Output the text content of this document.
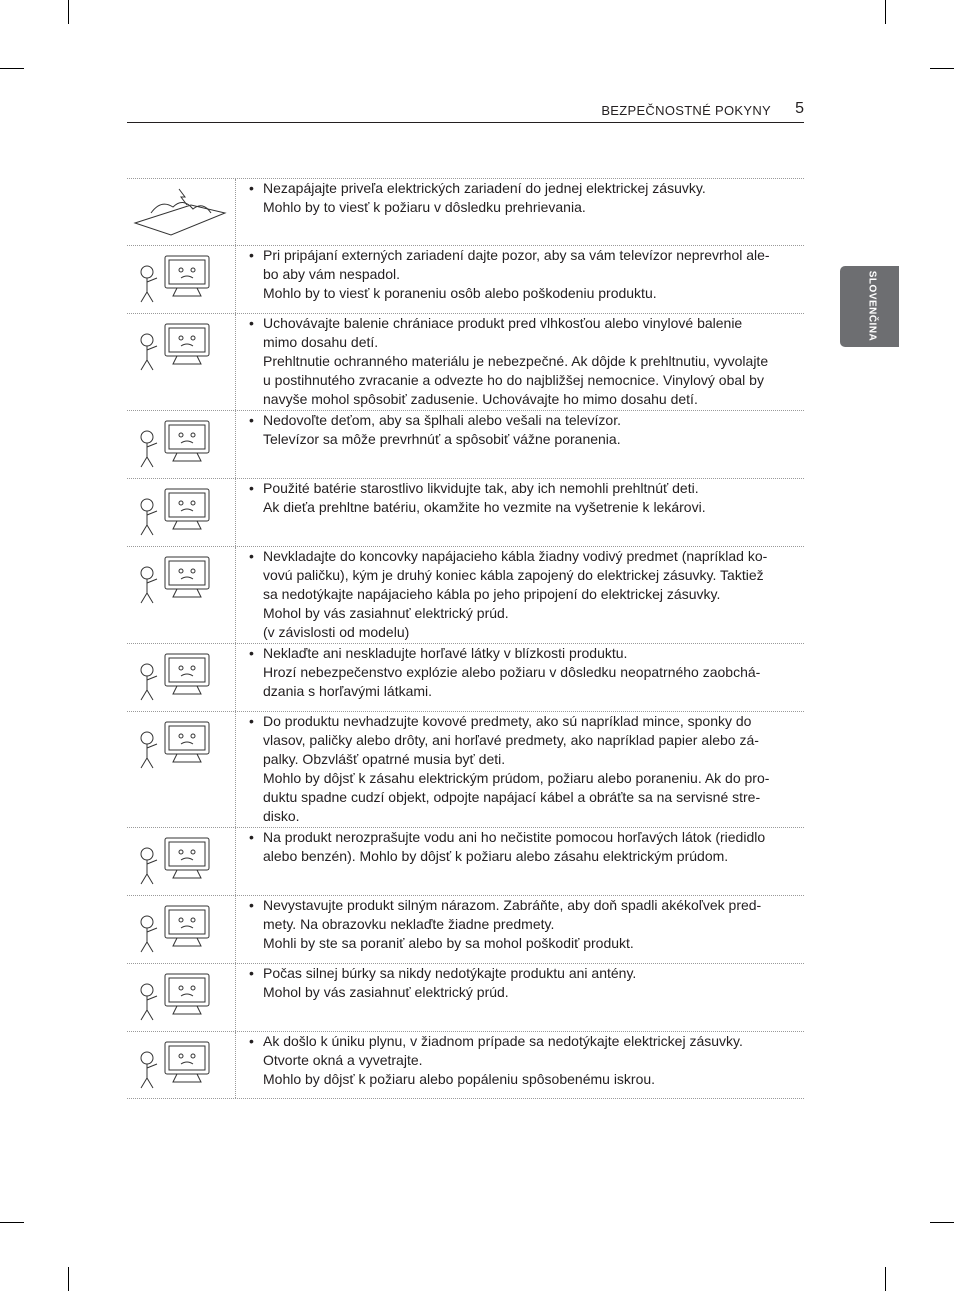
BEZPEČNOSTNÉ POKYNY 5
SLOVENČINA
• Nezapájajte priveľa elektrických zariadení do jednej elektrickej zásuvky.

Mohlo by to viesť k požiaru v dôsledku prehrievania.

• Pri pripájaní externých zariadení dajte pozor, aby sa vám televízor neprevrhol ale-

bo aby vám nespadol.

Mohlo by to viesť k poraneniu osôb alebo poškodeniu produktu.

• Uchovávajte balenie chrániace produkt pred vlhkosťou alebo vinylové balenie

mimo dosahu detí.

Prehltnutie ochranného materiálu je nebezpečné. Ak dôjde k prehltnutiu, vyvolajte

u postihnutého zvracanie a odvezte ho do najbližšej nemocnice. Vinylový obal by

navyše mohol spôsobiť zadusenie. Uchovávajte ho mimo dosahu detí.

• Nedovoľte deťom, aby sa šplhali alebo vešali na televízor.

Televízor sa môže prevrhnúť a spôsobiť vážne poranenia.

• Použité batérie starostlivo likvidujte tak, aby ich nemohli prehltnúť deti.

Ak dieťa prehltne batériu, okamžite ho vezmite na vyšetrenie k lekárovi.

• Nevkladajte do koncovky napájacieho kábla žiadny vodivý predmet (napríklad ko-

vovú paličku), kým je druhý koniec kábla zapojený do elektrickej zásuvky. Taktiež

sa nedotýkajte napájacieho kábla po jeho pripojení do elektrickej zásuvky.

Mohol by vás zasiahnuť elektrický prúd.

(v závislosti od modelu)

• Neklaďte ani neskladujte horľavé látky v blízkosti produktu.

Hrozí nebezpečenstvo explózie alebo požiaru v dôsledku neopatrného zaobchá-

dzania s horľavými látkami.

• Do produktu nevhadzujte kovové predmety, ako sú napríklad mince, sponky do

vlasov, paličky alebo drôty, ani horľavé predmety, ako napríklad papier alebo zá-

palky. Obzvlášť opatrné musia byť deti.

Mohlo by dôjsť k zásahu elektrickým prúdom, požiaru alebo poraneniu. Ak do pro-

duktu spadne cudzí objekt, odpojte napájací kábel a obráťte sa na servisné stre-

disko.

• Na produkt nerozprašujte vodu ani ho nečistite pomocou horľavých látok (riedidlo

alebo benzén). Mohlo by dôjsť k požiaru alebo zásahu elektrickým prúdom.

• Nevystavujte produkt silným nárazom. Zabráňte, aby doň spadli akékoľvek pred-

mety. Na obrazovku neklaďte žiadne predmety.

Mohli by ste sa poraniť alebo by sa mohol poškodiť produkt.

• Počas silnej búrky sa nikdy nedotýkajte produktu ani antény.

Mohol by vás zasiahnuť elektrický prúd.

• Ak došlo k úniku plynu, v žiadnom prípade sa nedotýkajte elektrickej zásuvky.

Otvorte okná a vyvetrajte.

Mohlo by dôjsť k požiaru alebo popáleniu spôsobenému iskrou.
